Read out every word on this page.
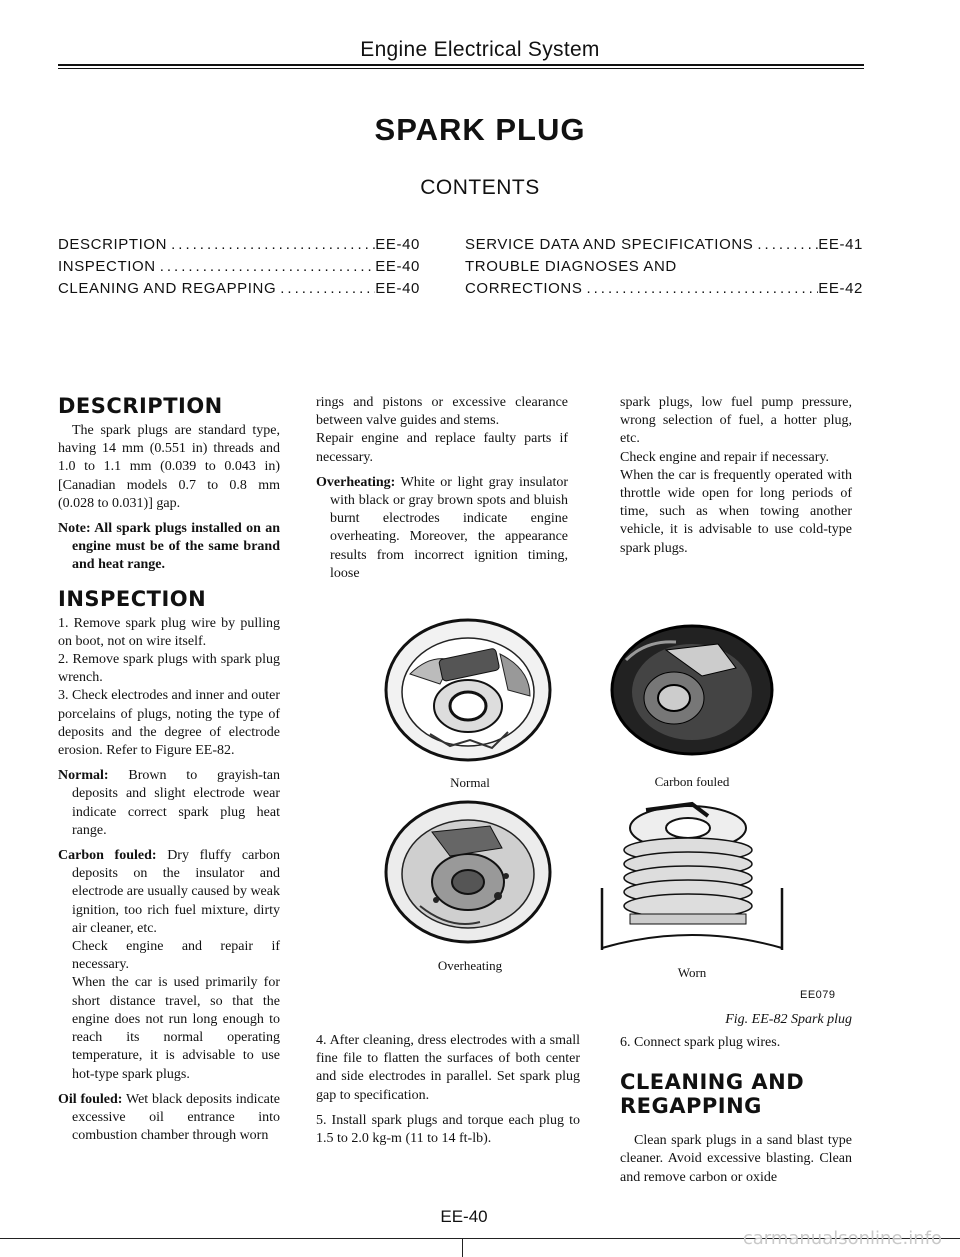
Engine Electrical System
SPARK PLUG
CONTENTS
DESCRIPTION .....	EE-40
INSPECTION .....	EE-40
CLEANING AND REGAPPING .....	EE-40
SERVICE DATA AND SPECIFICATIONS .....	EE-41
TROUBLE DIAGNOSES AND
CORRECTIONS .....	EE-42
DESCRIPTION

The spark plugs are standard type, having 14 mm (0.551 in) threads and 1.0 to 1.1 mm (0.039 to 0.043 in) [Canadian models 0.7 to 0.8 mm (0.028 to 0.031)] gap.

Note: All spark plugs installed on an engine must be of the same brand and heat range.

INSPECTION

1. Remove spark plug wire by pulling on boot, not on wire itself.

2. Remove spark plugs with spark plug wrench.

3. Check electrodes and inner and outer porcelains of plugs, noting the type of deposits and the degree of electrode erosion. Refer to Figure EE-82.

Normal: Brown to grayish-tan deposits and slight electrode wear indicate correct spark plug heat range.

Carbon fouled: Dry fluffy carbon deposits on the insulator and electrode are usually caused by weak ignition, too rich fuel mixture, dirty air cleaner, etc.
Check engine and repair if necessary.

When the car is used primarily for short distance travel, so that the engine does not run long enough to reach its normal operating temperature, it is advisable to use hot-type spark plugs.

Oil fouled: Wet black deposits indicate excessive oil entrance into combustion chamber through worn

rings and pistons or excessive clearance between valve guides and stems.

Repair engine and replace faulty parts if necessary.

Overheating: White or light gray insulator with black or gray brown spots and bluish burnt electrodes indicate engine overheating. Moreover, the appearance results from incorrect ignition timing, loose

spark plugs, low fuel pump pressure, wrong selection of fuel, a hotter plug, etc.

Check engine and repair if necessary.

When the car is frequently operated with throttle wide open for long periods of time, such as when towing another vehicle, it is advisable to use cold-type spark plugs.

Normal	Carbon fouled
Overheating	Worn
EE079
Fig. EE-82 Spark plug

4. After cleaning, dress electrodes with a small fine file to flatten the surfaces of both center and side electrodes in parallel. Set spark plug gap to specification.

5. Install spark plugs and torque each plug to 1.5 to 2.0 kg-m (11 to 14 ft-lb).

6. Connect spark plug wires.

CLEANING AND
REGAPPING

Clean spark plugs in a sand blast type cleaner. Avoid excessive blasting. Clean and remove carbon or oxide

EE-40
carmanualsonline.info
